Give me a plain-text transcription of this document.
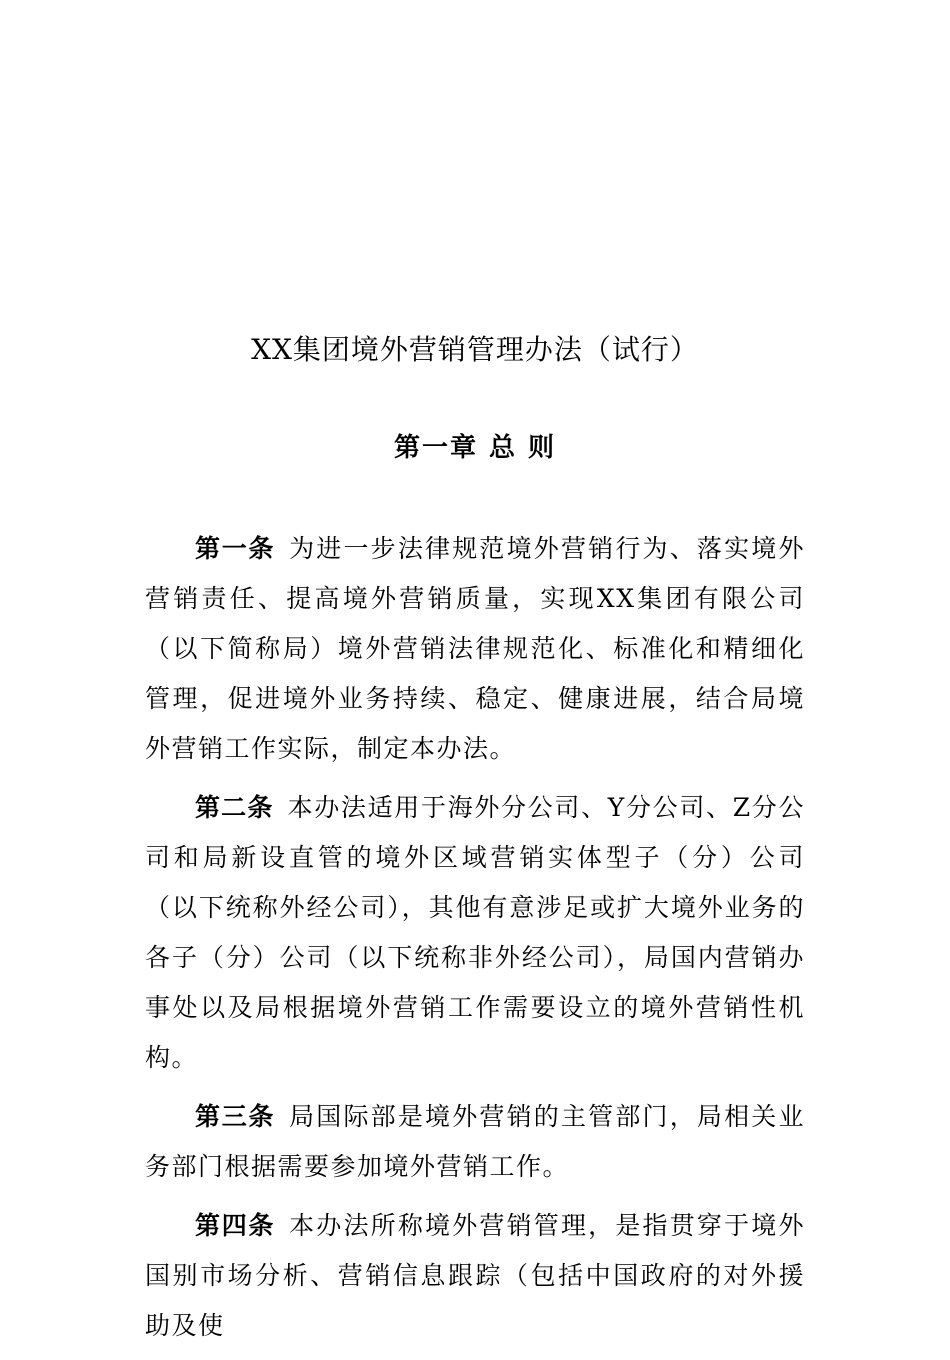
XX集团境外营销管理办法（试行）
第一章 总 则

第一条 为进一步法律规范境外营销行为、落实境外营销责任、提高境外营销质量，实现XX集团有限公司（以下简称局）境外营销法律规范化、标准化和精细化管理，促进境外业务持续、稳定、健康进展，结合局境外营销工作实际，制定本办法。

第二条 本办法适用于海外分公司、Y分公司、Z分公司和局新设直管的境外区域营销实体型子（分）公司（以下统称外经公司），其他有意涉足或扩大境外业务的各子（分）公司（以下统称非外经公司），局国内营销办事处以及局根据境外营销工作需要设立的境外营销性机构。

第三条 局国际部是境外营销的主管部门，局相关业务部门根据需要参加境外营销工作。

第四条 本办法所称境外营销管理，是指贯穿于境外国别市场分析、营销信息跟踪（包括中国政府的对外援助及使
